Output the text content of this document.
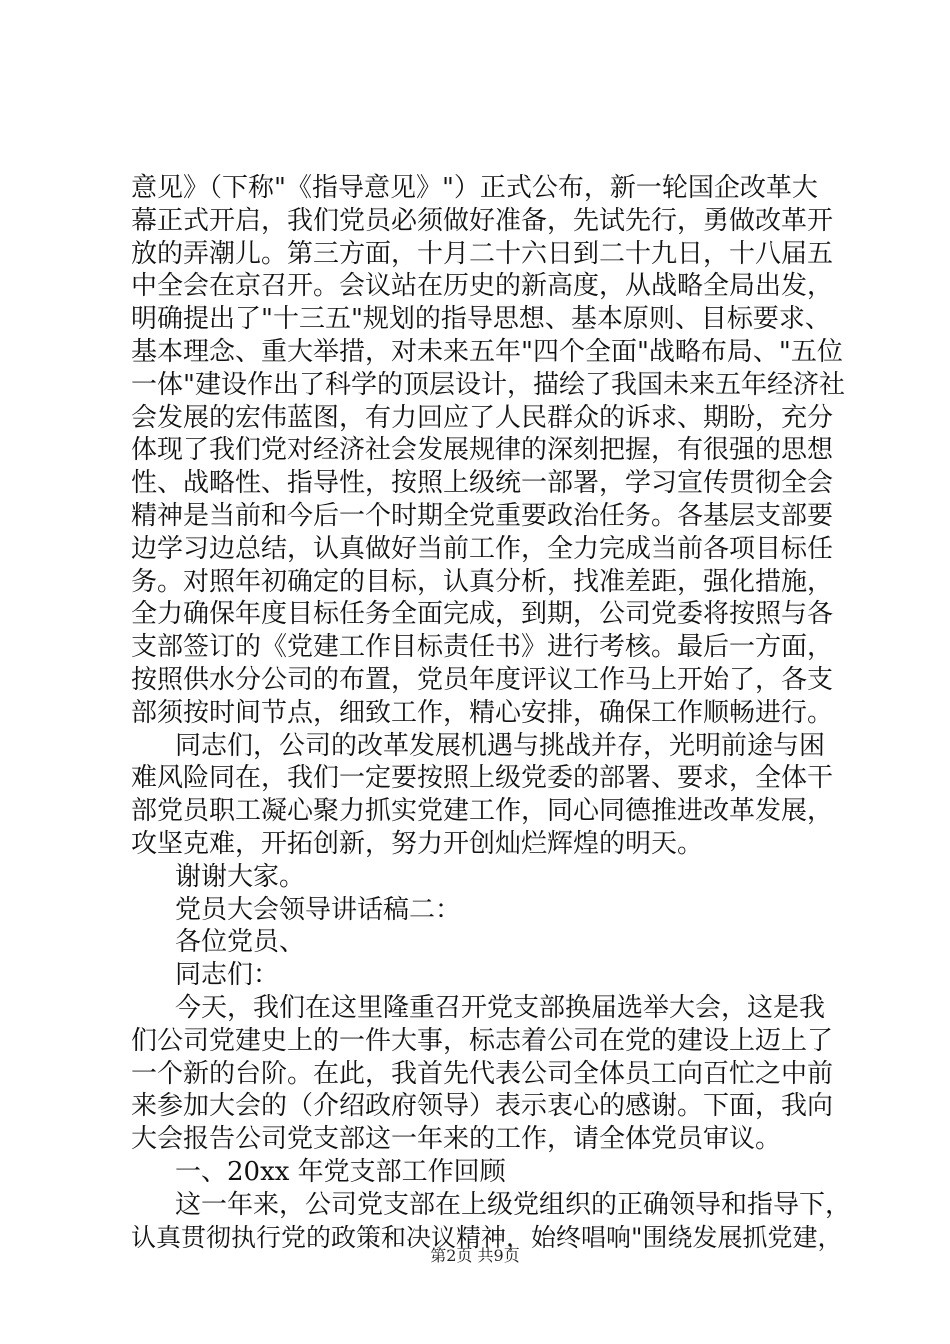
意见》（下称"《指导意见》"）正式公布，新一轮国企改革大
幕正式开启，我们党员必须做好准备，先试先行，勇做改革开
放的弄潮儿。第三方面，十月二十六日到二十九日，十八届五
中全会在京召开。会议站在历史的新高度，从战略全局出发，
明确提出了"十三五"规划的指导思想、基本原则、目标要求、
基本理念、重大举措，对未来五年"四个全面"战略布局、"五位
一体"建设作出了科学的顶层设计，描绘了我国未来五年经济社
会发展的宏伟蓝图，有力回应了人民群众的诉求、期盼，充分
体现了我们党对经济社会发展规律的深刻把握，有很强的思想
性、战略性、指导性，按照上级统一部署，学习宣传贯彻全会
精神是当前和今后一个时期全党重要政治任务。各基层支部要
边学习边总结，认真做好当前工作，全力完成当前各项目标任
务。对照年初确定的目标，认真分析，找准差距，强化措施，
全力确保年度目标任务全面完成，到期，公司党委将按照与各
支部签订的《党建工作目标责任书》进行考核。最后一方面，
按照供水分公司的布置，党员年度评议工作马上开始了，各支
部须按时间节点，细致工作，精心安排，确保工作顺畅进行。
同志们，公司的改革发展机遇与挑战并存，光明前途与困
难风险同在，我们一定要按照上级党委的部署、要求，全体干
部党员职工凝心聚力抓实党建工作，同心同德推进改革发展，
攻坚克难，开拓创新，努力开创灿烂辉煌的明天。
谢谢大家。
党员大会领导讲话稿二：
各位党员、
同志们：
今天，我们在这里隆重召开党支部换届选举大会，这是我
们公司党建史上的一件大事，标志着公司在党的建设上迈上了
一个新的台阶。在此，我首先代表公司全体员工向百忙之中前
来参加大会的（介绍政府领导）表示衷心的感谢。下面，我向
大会报告公司党支部这一年来的工作，请全体党员审议。
一、20xx 年党支部工作回顾
这一年来，公司党支部在上级党组织的正确领导和指导下，
认真贯彻执行党的政策和决议精神，始终唱响"围绕发展抓党建，
第2页 共9页
